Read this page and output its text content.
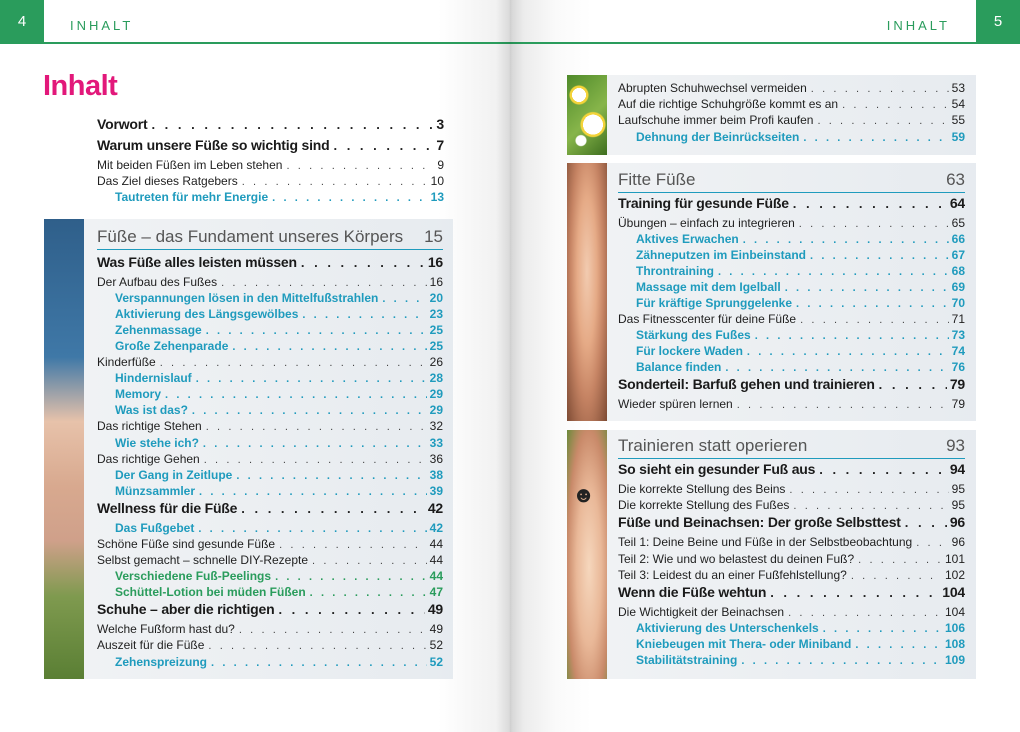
4	INHALT
Inhalt
Vorwort . . .	3
Warum unsere Füße so wichtig sind . . .	7
Mit beiden Füßen im Leben stehen . . .	9
Das Ziel dieses Ratgebers . . .	10
Tautreten für mehr Energie . . .	13
Füße – das Fundament unseres Körpers 15
Was Füße alles leisten müssen . . .	16
Der Aufbau des Fußes . . .	16
Verspannungen lösen in den Mittelfußstrahlen . . .	20
Aktivierung des Längsgewölbes . . .	23
Zehenmassage . . .	25
Große Zehenparade . . .	25
Kinderfüße . . .	26
Hindernislauf . . .	28
Memory . . .	29
Was ist das? . . .	29
Das richtige Stehen . . .	32
Wie stehe ich? . . .	33
Das richtige Gehen . . .	36
Der Gang in Zeitlupe . . .	38
Münzsammler . . .	39
Wellness für die Füße . . .	42
Das Fußgebet . . .	42
Schöne Füße sind gesunde Füße . . .	44
Selbst gemacht – schnelle DIY-Rezepte . . .	44
Verschiedene Fuß-Peelings . . .	44
Schüttel-Lotion bei müden Füßen . . .	47
Schuhe – aber die richtigen . . .	49
Welche Fußform hast du? . . .	49
Auszeit für die Füße . . .	52
Zehenspreizung . . .	52
INHALT	5
Abrupten Schuhwechsel vermeiden . . .	53
Auf die richtige Schuhgröße kommt es an . . .	54
Laufschuhe immer beim Profi kaufen . . .	55
Dehnung der Beinrückseiten . . .	59
Fitte Füße	63
Training für gesunde Füße . . .	64
Übungen – einfach zu integrieren . . .	65
Aktives Erwachen . . .	66
Zähneputzen im Einbeinstand . . .	67
Throntraining . . .	68
Massage mit dem Igelball . . .	69
Für kräftige Sprunggelenke . . .	70
Das Fitnesscenter für deine Füße . . .	71
Stärkung des Fußes . . .	73
Für lockere Waden . . .	74
Balance finden . . .	76
Sonderteil: Barfuß gehen und trainieren . . .	79
Wieder spüren lernen . . .	79
☻
Trainieren statt operieren	93
So sieht ein gesunder Fuß aus . . .	94
Die korrekte Stellung des Beins . . .	95
Die korrekte Stellung des Fußes . . .	95
Füße und Beinachsen: Der große Selbsttest . . .	96
Teil 1: Deine Beine und Füße in der Selbstbeobachtung . . .	96
Teil 2: Wie und wo belastest du deinen Fuß? . . .	101
Teil 3: Leidest du an einer Fußfehlstellung? . . .	102
Wenn die Füße wehtun . . .	104
Die Wichtigkeit der Beinachsen . . .	104
Aktivierung des Unterschenkels . . .	106
Kniebeugen mit Thera- oder Miniband . . .	108
Stabilitätstraining . . .	109
